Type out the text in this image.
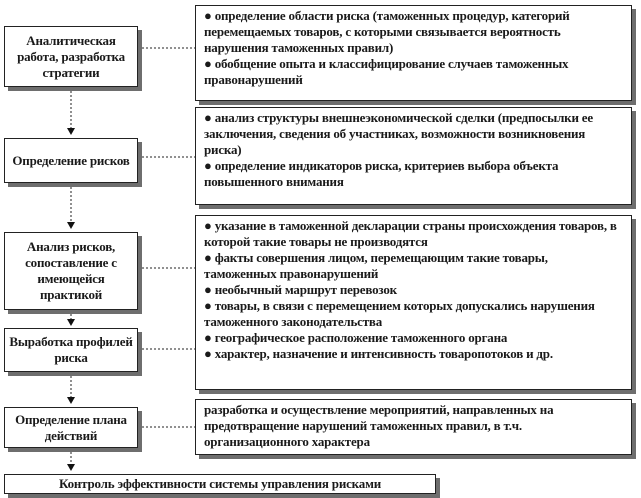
Аналитическая работа, разработка стратегии
Определение рисков
Анализ рисков, сопоставление с имеющейся практикой
Выработка профилей риска
Определение плана действий
Контроль эффективности системы управления рисками
● определение области риска (таможенных процедур, категорий перемещаемых товаров, с которыми связывается вероятность нарушения таможенных правил)
● обобщение опыта и классифицирование случаев таможенных правонарушений
● анализ структуры внешнеэкономической сделки (предпосылки ее заключения, сведения об участниках, возможности возникновения риска)
● определение индикаторов риска, критериев выбора объекта повышенного внимания
● указание в таможенной декларации страны происхождения товаров, в которой такие товары не производятся
● факты совершения лицом, перемещающим такие товары, таможенных правонарушений
● необычный маршрут перевозок
● товары, в связи с перемещением которых допускались нарушения таможенного законодательства
● географическое расположение таможенного органа
● характер, назначение и интенсивность товаропотоков и др.
разработка и осуществление мероприятий, направленных на предотвращение нарушений таможенных правил, в т.ч. организационного характера
